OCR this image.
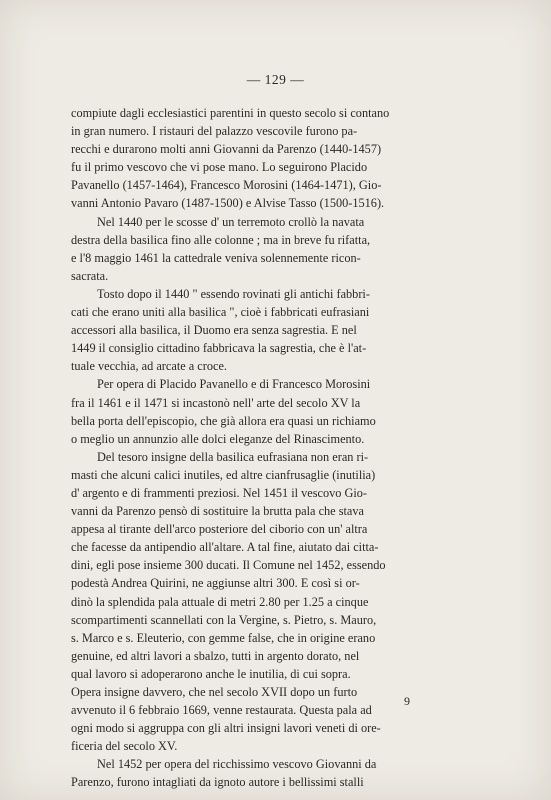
— 129 —

compiute dagli ecclesiastici parentini in questo secolo si contano
in gran numero. I ristauri del palazzo vescovile furono pa-
recchi e durarono molti anni Giovanni da Parenzo (1440-1457)
fu il primo vescovo che vi pose mano. Lo seguirono Placido
Pavanello (1457-1464), Francesco Morosini (1464-1471), Gio-
vanni Antonio Pavaro (1487-1500) e Alvise Tasso (1500-1516).

Nel 1440 per le scosse d' un terremoto crollò la navata
destra della basilica fino alle colonne ; ma in breve fu rifatta,
e l'8 maggio 1461 la cattedrale veniva solennemente ricon-
sacrata.

Tosto dopo il 1440 " essendo rovinati gli antichi fabbri-
cati che erano uniti alla basilica ", cioè i fabbricati eufrasiani
accessori alla basilica, il Duomo era senza sagrestia. E nel
1449 il consiglio cittadino fabbricava la sagrestia, che è l'at-
tuale vecchia, ad arcate a croce.

Per opera di Placido Pavanello e di Francesco Morosini
fra il 1461 e il 1471 si incastonò nell' arte del secolo XV la
bella porta dell'episcopio, che già allora era quasi un richiamo
o meglio un annunzio alle dolci eleganze del Rinascimento.

Del tesoro insigne della basilica eufrasiana non eran ri-
masti che alcuni calici inutiles, ed altre cianfrusaglie (inutilia)
d' argento e di frammenti preziosi. Nel 1451 il vescovo Gio-
vanni da Parenzo pensò di sostituire la brutta pala che stava
appesa al tirante dell'arco posteriore del ciborio con un' altra
che facesse da antipendio all'altare. A tal fine, aiutato dai citta-
dini, egli pose insieme 300 ducati. Il Comune nel 1452, essendo
podestà Andrea Quirini, ne aggiunse altri 300. E così si or-
dinò la splendida pala attuale di metri 2.80 per 1.25 a cinque
scompartimenti scannellati con la Vergine, s. Pietro, s. Mauro,
s. Marco e s. Eleuterio, con gemme false, che in origine erano
genuine, ed altri lavori a sbalzo, tutti in argento dorato, nel
qual lavoro si adoperarono anche le inutilia, di cui sopra.
Opera insigne davvero, che nel secolo XVII dopo un furto
avvenuto il 6 febbraio 1669, venne restaurata. Questa pala ad
ogni modo si aggruppa con gli altri insigni lavori veneti di ore-
ficeria del secolo XV.

Nel 1452 per opera del ricchissimo vescovo Giovanni da
Parenzo, furono intagliati da ignoto autore i bellissimi stalli

9
